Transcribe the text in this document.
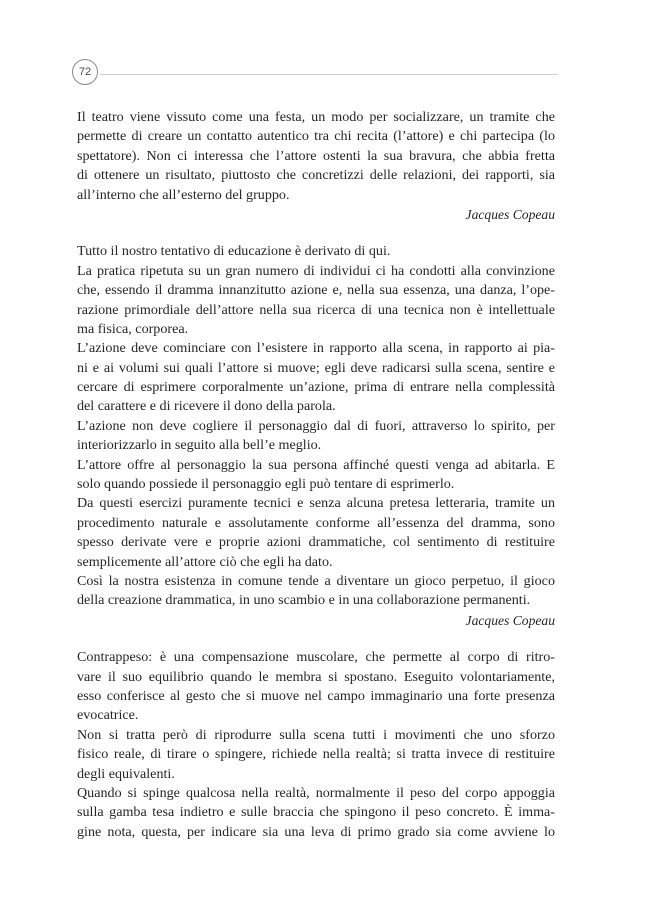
72
Il teatro viene vissuto come una festa, un modo per socializzare, un tramite che
permette di creare un contatto autentico tra chi recita (l’attore) e chi partecipa (lo
spettatore). Non ci interessa che l’attore ostenti la sua bravura, che abbia fretta
di ottenere un risultato, piuttosto che concretizzi delle relazioni, dei rapporti, sia
all’interno che all’esterno del gruppo.
Jacques Copeau
Tutto il nostro tentativo di educazione è derivato di qui.
La pratica ripetuta su un gran numero di individui ci ha condotti alla convinzione
che, essendo il dramma innanzitutto azione e, nella sua essenza, una danza, l’ope-
razione primordiale dell’attore nella sua ricerca di una tecnica non è intellettuale
ma fisica, corporea.
L’azione deve cominciare con l’esistere in rapporto alla scena, in rapporto ai pia-
ni e ai volumi sui quali l’attore si muove; egli deve radicarsi sulla scena, sentire e
cercare di esprimere corporalmente un’azione, prima di entrare nella complessità
del carattere e di ricevere il dono della parola.
L’azione non deve cogliere il personaggio dal di fuori, attraverso lo spirito, per
interiorizzarlo in seguito alla bell’e meglio.
L’attore offre al personaggio la sua persona affinché questi venga ad abitarla. E
solo quando possiede il personaggio egli può tentare di esprimerlo.
Da questi esercizi puramente tecnici e senza alcuna pretesa letteraria, tramite un
procedimento naturale e assolutamente conforme all’essenza del dramma, sono
spesso derivate vere e proprie azioni drammatiche, col sentimento di restituire
semplicemente all’attore ciò che egli ha dato.
Così la nostra esistenza in comune tende a diventare un gioco perpetuo, il gioco
della creazione drammatica, in uno scambio e in una collaborazione permanenti.
Jacques Copeau
Contrappeso: è una compensazione muscolare, che permette al corpo di ritro-
vare il suo equilibrio quando le membra si spostano. Eseguito volontariamente,
esso conferisce al gesto che si muove nel campo immaginario una forte presenza
evocatrice.
Non si tratta però di riprodurre sulla scena tutti i movimenti che uno sforzo
fisico reale, di tirare o spingere, richiede nella realtà; si tratta invece di restituire
degli equivalenti.
Quando si spinge qualcosa nella realtà, normalmente il peso del corpo appoggia
sulla gamba tesa indietro e sulle braccia che spingono il peso concreto. È imma-
gine nota, questa, per indicare sia una leva di primo grado sia come avviene lo
